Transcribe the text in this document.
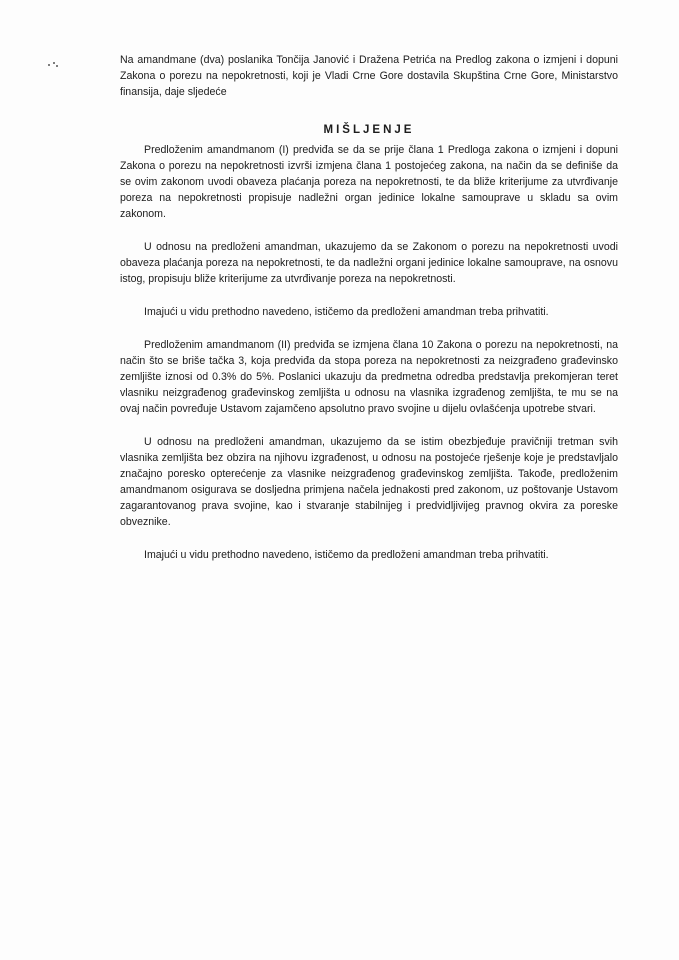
Na amandmane (dva) poslanika Tončija Janović i Dražena Petrića na Predlog zakona o izmjeni i dopuni Zakona o porezu na nepokretnosti, koji je Vladi Crne Gore dostavila Skupština Crne Gore, Ministarstvo finansija, daje sljedeće

MIŠLJENJE

Predloženim amandmanom (I) predviđa se da se prije člana 1 Predloga zakona o izmjeni i dopuni Zakona o porezu na nepokretnosti izvrši izmjena člana 1 postojećeg zakona, na način da se definiše da se ovim zakonom uvodi obaveza plaćanja poreza na nepokretnosti, te da bliže kriterijume za utvrđivanje poreza na nepokretnosti propisuje nadležni organ jedinice lokalne samouprave u skladu sa ovim zakonom.

U odnosu na predloženi amandman, ukazujemo da se Zakonom o porezu na nepokretnosti uvodi obaveza plaćanja poreza na nepokretnosti, te da nadležni organi jedinice lokalne samouprave, na osnovu istog, propisuju bliže kriterijume za utvrđivanje poreza na nepokretnosti.

Imajući u vidu prethodno navedeno, ističemo da predloženi amandman treba prihvatiti.

Predloženim amandmanom (II) predviđa se izmjena člana 10 Zakona o porezu na nepokretnosti, na način što se briše tačka 3, koja predviđa da stopa poreza na nepokretnosti za neizgrađeno građevinsko zemljište iznosi od 0.3% do 5%. Poslanici ukazuju da predmetna odredba predstavlja prekomjeran teret vlasniku neizgrađenog građevinskog zemljišta u odnosu na vlasnika izgrađenog zemljišta, te mu se na ovaj način povređuje Ustavom zajamčeno apsolutno pravo svojine u dijelu ovlašćenja upotrebe stvari.

U odnosu na predloženi amandman, ukazujemo da se istim obezbjeđuje pravičniji tretman svih vlasnika zemljišta bez obzira na njihovu izgrađenost, u odnosu na postojeće rješenje koje je predstavljalo značajno poresko opterećenje za vlasnike neizgrađenog građevinskog zemljišta. Takođe, predloženim amandmanom osigurava se dosljedna primjena načela jednakosti pred zakonom, uz poštovanje Ustavom zagarantovanog prava svojine, kao i stvaranje stabilnijeg i predvidljivijeg pravnog okvira za poreske obveznike.

Imajući u vidu prethodno navedeno, ističemo da predloženi amandman treba prihvatiti.
